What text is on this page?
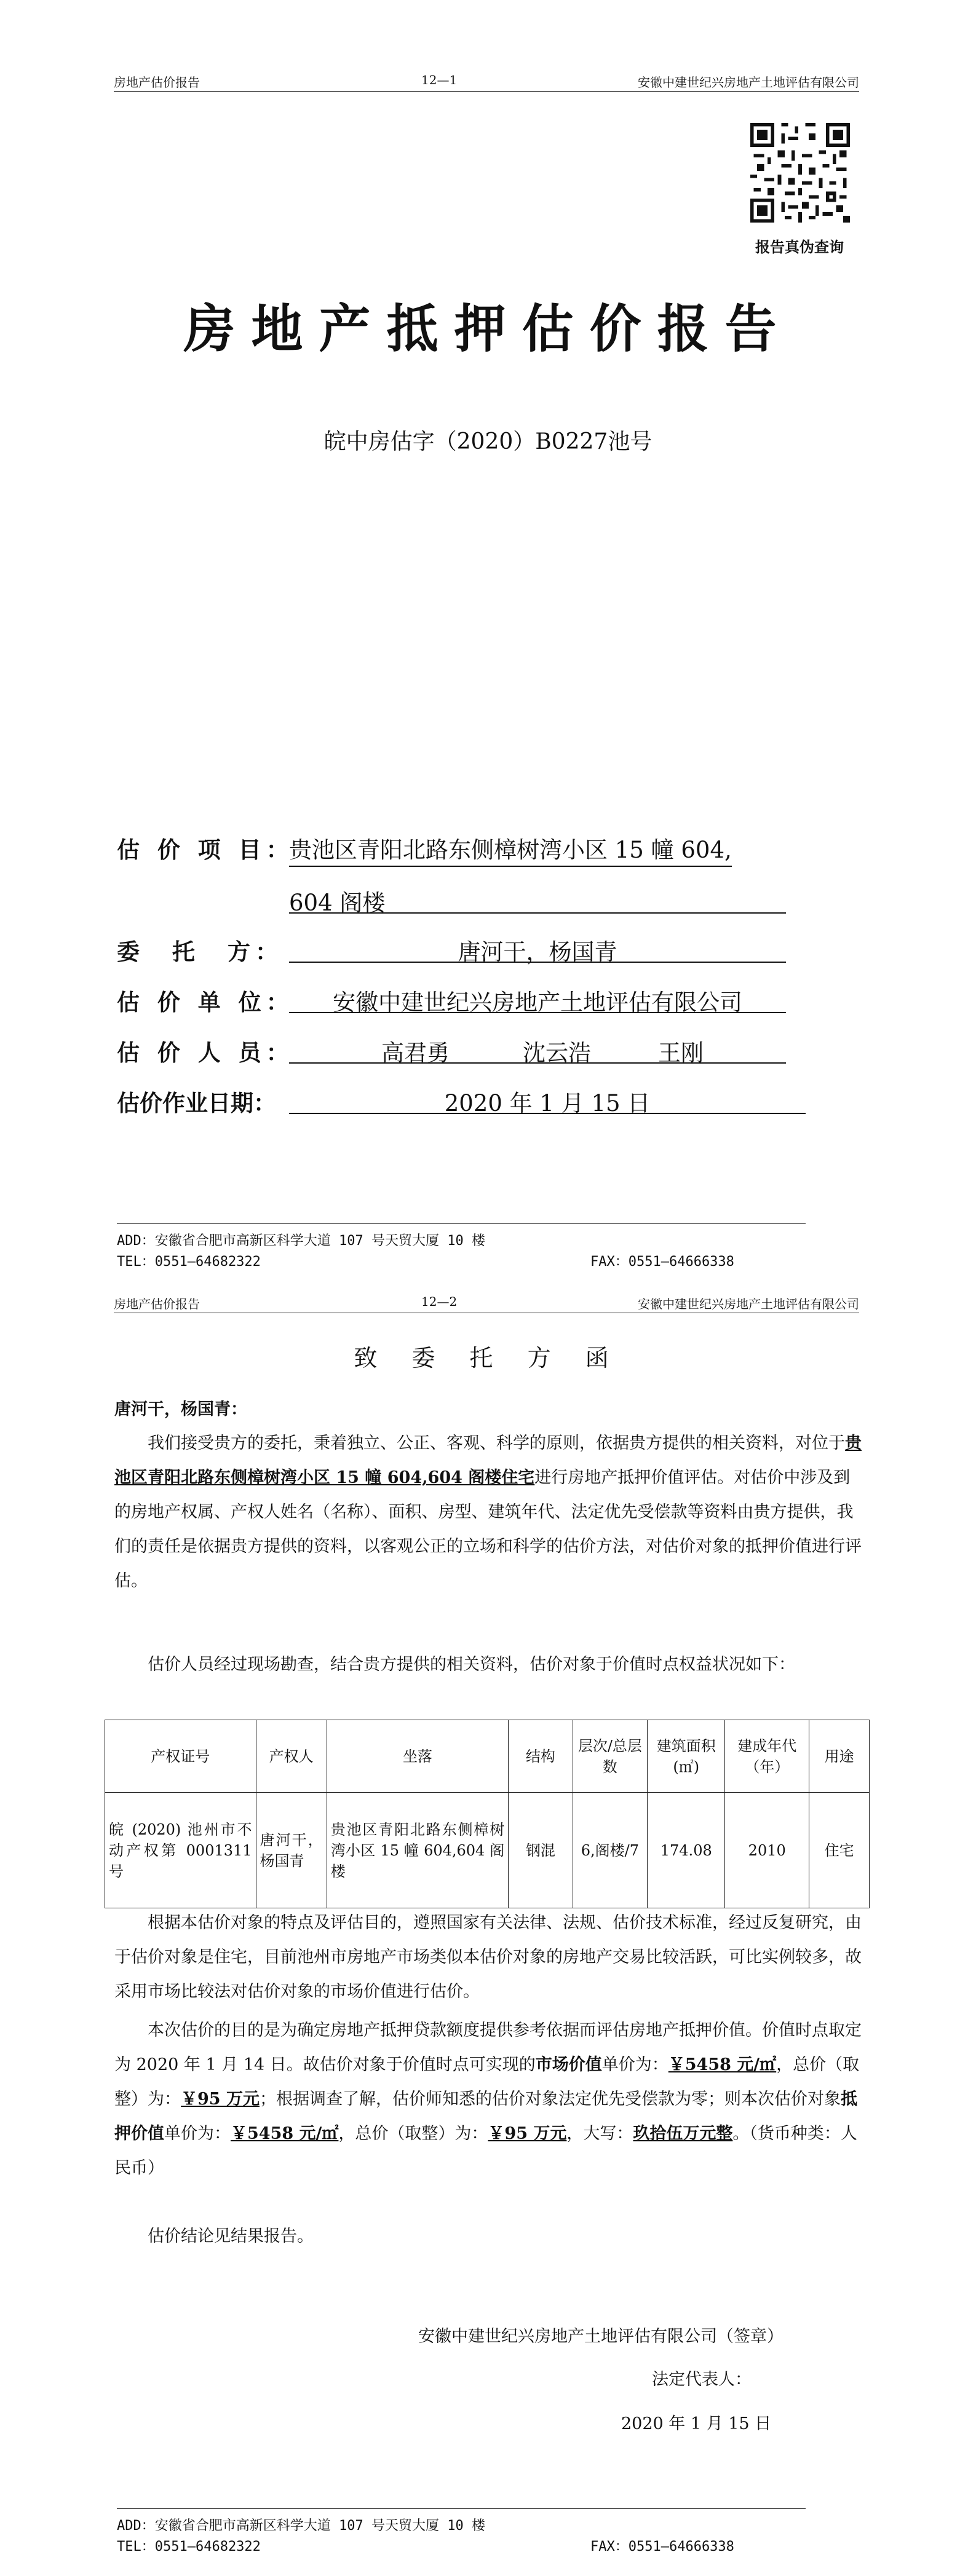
房地产估价报告	12—1	安徽中建世纪兴房地产土地评估有限公司
报告真伪查询
房地产抵押估价报告
皖中房估字（2020）B0227池号
估 价 项 目：
贵池区青阳北路东侧樟树湾小区 15 幢 604,
604 阁楼
委　托　方：	唐河干，杨国青
估 价 单 位：	安徽中建世纪兴房地产土地评估有限公司
估 价 人 员：	高君勇	沈云浩	王刚
估价作业日期：	2020 年 1 月 15 日
ADD：安徽省合肥市高新区科学大道 107 号天贸大厦 10 楼
TEL：0551—64682322	FAX：0551—64666338
房地产估价报告	12—2	安徽中建世纪兴房地产土地评估有限公司
致 委 托 方 函
唐河干，杨国青：
我们接受贵方的委托，秉着独立、公正、客观、科学的原则，依据贵方提供的相关资料，对位于贵池区青阳北路东侧樟树湾小区 15 幢 604,604 阁楼住宅进行房地产抵押价值评估。对估价中涉及到的房地产权属、产权人姓名（名称）、面积、房型、建筑年代、法定优先受偿款等资料由贵方提供，我们的责任是依据贵方提供的资料，以客观公正的立场和科学的估价方法，对估价对象的抵押价值进行评估。
估价人员经过现场勘查，结合贵方提供的相关资料，估价对象于价值时点权益状况如下：
产权证号	产权人	坐落	结构	层次/总层数	建筑面积(㎡)	建成年代（年）	用途
皖 (2020) 池州市不动产权第 0001311 号	唐河干，杨国青	贵池区青阳北路东侧樟树湾小区 15 幢 604,604 阁楼	钢混	6,阁楼/7	174.08	2010	住宅
根据本估价对象的特点及评估目的，遵照国家有关法律、法规、估价技术标准，经过反复研究，由于估价对象是住宅，目前池州市房地产市场类似本估价对象的房地产交易比较活跃，可比实例较多，故采用市场比较法对估价对象的市场价值进行估价。
本次估价的目的是为确定房地产抵押贷款额度提供参考依据而评估房地产抵押价值。价值时点取定为 2020 年 1 月 14 日。故估价对象于价值时点可实现的市场价值单价为：￥5458 元/㎡，总价（取整）为：￥95 万元；根据调查了解，估价师知悉的估价对象法定优先受偿款为零；则本次估价对象抵押价值单价为：￥5458 元/㎡，总价（取整）为：￥95 万元，大写：玖拾伍万元整。（货币种类：人民币）
估价结论见结果报告。
安徽中建世纪兴房地产土地评估有限公司（签章）
法定代表人：
2020 年 1 月 15 日
ADD：安徽省合肥市高新区科学大道 107 号天贸大厦 10 楼
TEL：0551—64682322	FAX：0551—64666338
